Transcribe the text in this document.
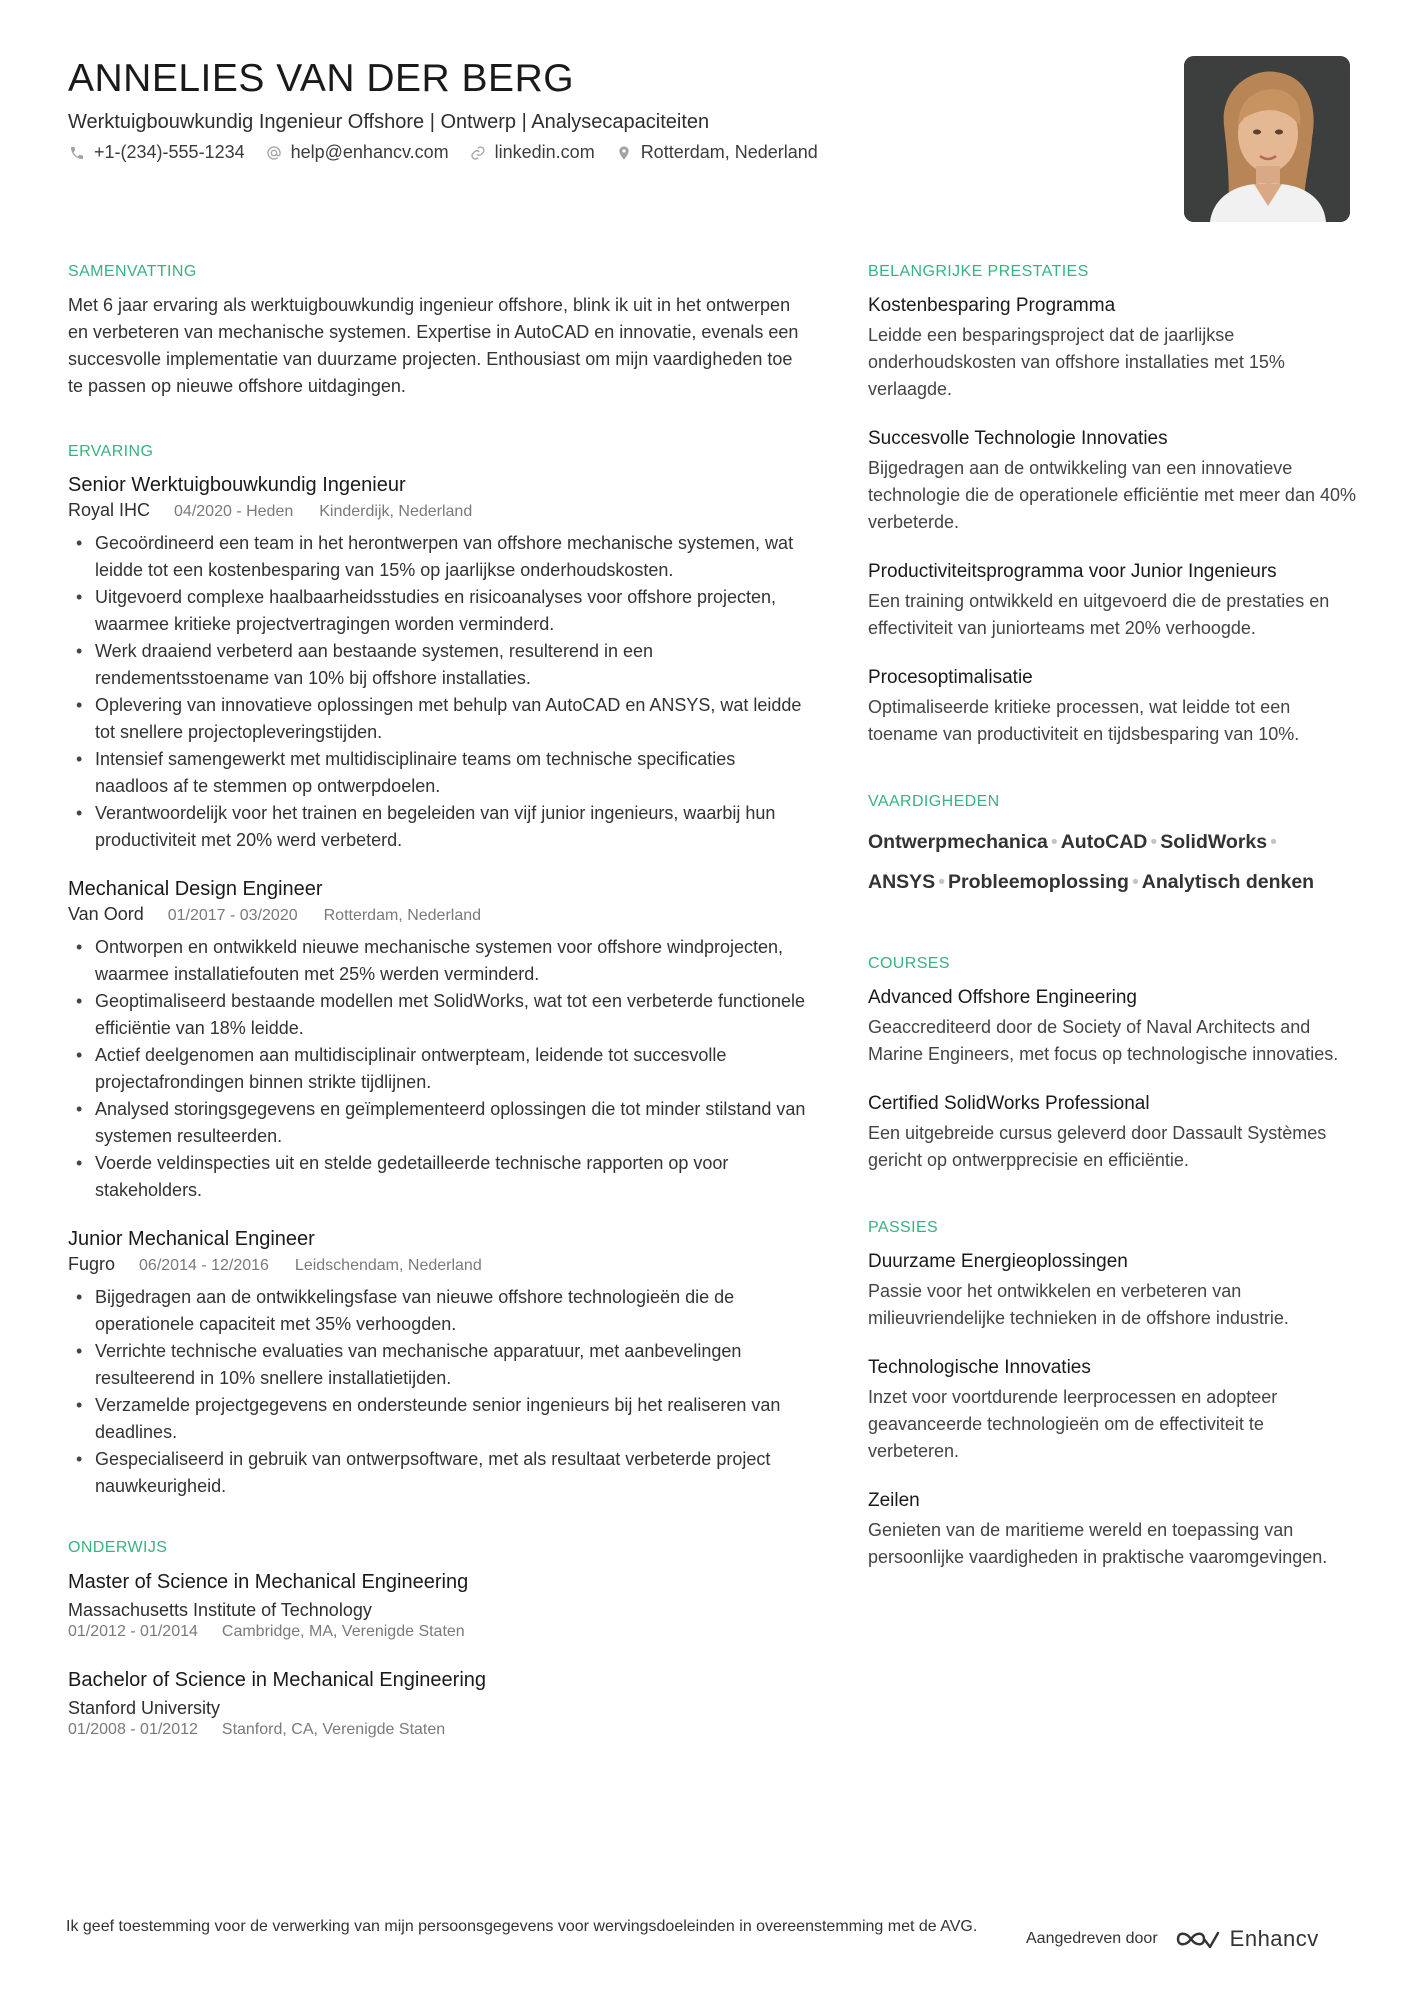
ANNELIES VAN DER BERG
Werktuigbouwkundig Ingenieur Offshore | Ontwerp | Analysecapaciteiten
+1-(234)-555-1234	help@enhancv.com	linkedin.com	Rotterdam, Nederland
SAMENVATTING
Met 6 jaar ervaring als werktuigbouwkundig ingenieur offshore, blink ik uit in het ontwerpen en verbeteren van mechanische systemen. Expertise in AutoCAD en innovatie, evenals een succesvolle implementatie van duurzame projecten. Enthousiast om mijn vaardigheden toe te passen op nieuwe offshore uitdagingen.
ERVARING
Senior Werktuigbouwkundig Ingenieur
Royal IHC 04/2020 - Heden Kinderdijk, Nederland
• Gecoördineerd een team in het herontwerpen van offshore mechanische systemen, wat leidde tot een kostenbesparing van 15% op jaarlijkse onderhoudskosten.
• Uitgevoerd complexe haalbaarheidsstudies en risicoanalyses voor offshore projecten, waarmee kritieke projectvertragingen worden verminderd.
• Werk draaiend verbeterd aan bestaande systemen, resulterend in een rendementsstoename van 10% bij offshore installaties.
• Oplevering van innovatieve oplossingen met behulp van AutoCAD en ANSYS, wat leidde tot snellere projectopleveringstijden.
• Intensief samengewerkt met multidisciplinaire teams om technische specificaties naadloos af te stemmen op ontwerpdoelen.
• Verantwoordelijk voor het trainen en begeleiden van vijf junior ingenieurs, waarbij hun productiviteit met 20% werd verbeterd.
Mechanical Design Engineer
Van Oord 01/2017 - 03/2020 Rotterdam, Nederland
• Ontworpen en ontwikkeld nieuwe mechanische systemen voor offshore windprojecten, waarmee installatiefouten met 25% werden verminderd.
• Geoptimaliseerd bestaande modellen met SolidWorks, wat tot een verbeterde functionele efficiëntie van 18% leidde.
• Actief deelgenomen aan multidisciplinair ontwerpteam, leidende tot succesvolle projectafrondingen binnen strikte tijdlijnen.
• Analysed storingsgegevens en geïmplementeerd oplossingen die tot minder stilstand van systemen resulteerden.
• Voerde veldinspecties uit en stelde gedetailleerde technische rapporten op voor stakeholders.
Junior Mechanical Engineer
Fugro 06/2014 - 12/2016 Leidschendam, Nederland
• Bijgedragen aan de ontwikkelingsfase van nieuwe offshore technologieën die de operationele capaciteit met 35% verhoogden.
• Verrichte technische evaluaties van mechanische apparatuur, met aanbevelingen resulteerend in 10% snellere installatietijden.
• Verzamelde projectgegevens en ondersteunde senior ingenieurs bij het realiseren van deadlines.
• Gespecialiseerd in gebruik van ontwerpsoftware, met als resultaat verbeterde project nauwkeurigheid.
ONDERWIJS
Master of Science in Mechanical Engineering
Massachusetts Institute of Technology
01/2012 - 01/2014 Cambridge, MA, Verenigde Staten
Bachelor of Science in Mechanical Engineering
Stanford University
01/2008 - 01/2012 Stanford, CA, Verenigde Staten
BELANGRIJKE PRESTATIES
Kostenbesparing Programma
Leidde een besparingsproject dat de jaarlijkse onderhoudskosten van offshore installaties met 15% verlaagde.
Succesvolle Technologie Innovaties
Bijgedragen aan de ontwikkeling van een innovatieve technologie die de operationele efficiëntie met meer dan 40% verbeterde.
Productiviteitsprogramma voor Junior Ingenieurs
Een training ontwikkeld en uitgevoerd die de prestaties en effectiviteit van juniorteams met 20% verhoogde.
Procesoptimalisatie
Optimaliseerde kritieke processen, wat leidde tot een toename van productiviteit en tijdsbesparing van 10%.
VAARDIGHEDEN
Ontwerpmechanica • AutoCAD • SolidWorks •
ANSYS • Probleemoplossing • Analytisch denken
COURSES
Advanced Offshore Engineering
Geaccrediteerd door de Society of Naval Architects and Marine Engineers, met focus op technologische innovaties.
Certified SolidWorks Professional
Een uitgebreide cursus geleverd door Dassault Systèmes gericht op ontwerpprecisie en efficiëntie.
PASSIES
Duurzame Energieoplossingen
Passie voor het ontwikkelen en verbeteren van milieuvriendelijke technieken in de offshore industrie.
Technologische Innovaties
Inzet voor voortdurende leerprocessen en adopteer geavanceerde technologieën om de effectiviteit te verbeteren.
Zeilen
Genieten van de maritieme wereld en toepassing van persoonlijke vaardigheden in praktische vaaromgevingen.
Ik geef toestemming voor de verwerking van mijn persoonsgegevens voor wervingsdoeleinden in overeenstemming met de AVG.
Aangedreven door	Enhancv
